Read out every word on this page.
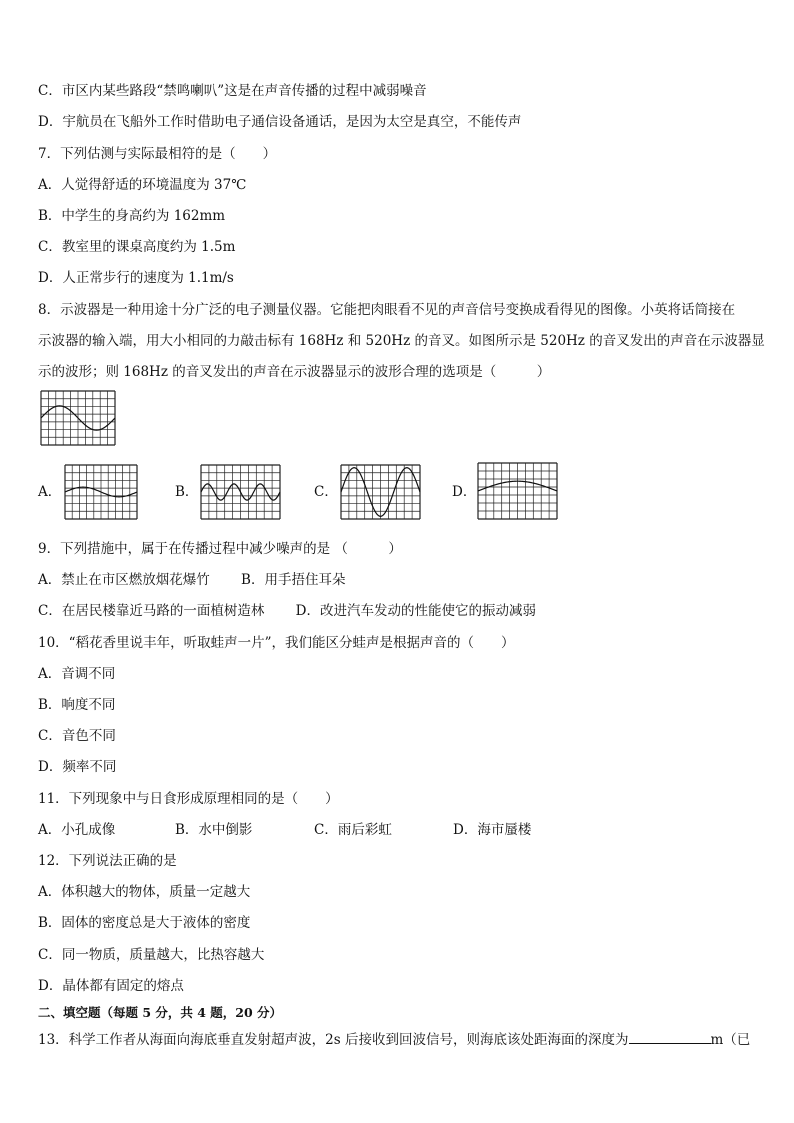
C．市区内某些路段“禁鸣喇叭”这是在声音传播的过程中减弱噪音
D．宇航员在飞船外工作时借助电子通信设备通话，是因为太空是真空，不能传声
7．下列估测与实际最相符的是（　　）
A．人觉得舒适的环境温度为 37℃
B．中学生的身高约为 162mm
C．教室里的课桌高度约为 1.5m
D．人正常步行的速度为 1.1m/s
8．示波器是一种用途十分广泛的电子测量仪器。它能把肉眼看不见的声音信号变换成看得见的图像。小英将话筒接在
示波器的输入端，用大小相同的力敲击标有 168Hz 和 520Hz 的音叉。如图所示是 520Hz 的音叉发出的声音在示波器显
示的波形；则 168Hz 的音叉发出的声音在示波器显示的波形合理的选项是（　　　）
A．	B．	C．	D．
9．下列措施中，属于在传播过程中减少噪声的是 （　　　）
A．禁止在市区燃放烟花爆竹　　 B．用手捂住耳朵
C．在居民楼靠近马路的一面植树造林　　 D．改进汽车发动的性能使它的振动减弱
10．“稻花香里说丰年，听取蛙声一片”，我们能区分蛙声是根据声音的（　　）
A．音调不同
B．响度不同
C．音色不同
D．频率不同
11．下列现象中与日食形成原理相同的是（　　）
A．小孔成像	B．水中倒影	C．雨后彩虹	D．海市蜃楼
12．下列说法正确的是
A．体积越大的物体，质量一定越大
B．固体的密度总是大于液体的密度
C．同一物质，质量越大，比热容越大
D．晶体都有固定的熔点
二、填空题（每题 5 分，共 4 题，20 分）
13．科学工作者从海面向海底垂直发射超声波，2s 后接收到回波信号，则海底该处距海面的深度为	m（已
